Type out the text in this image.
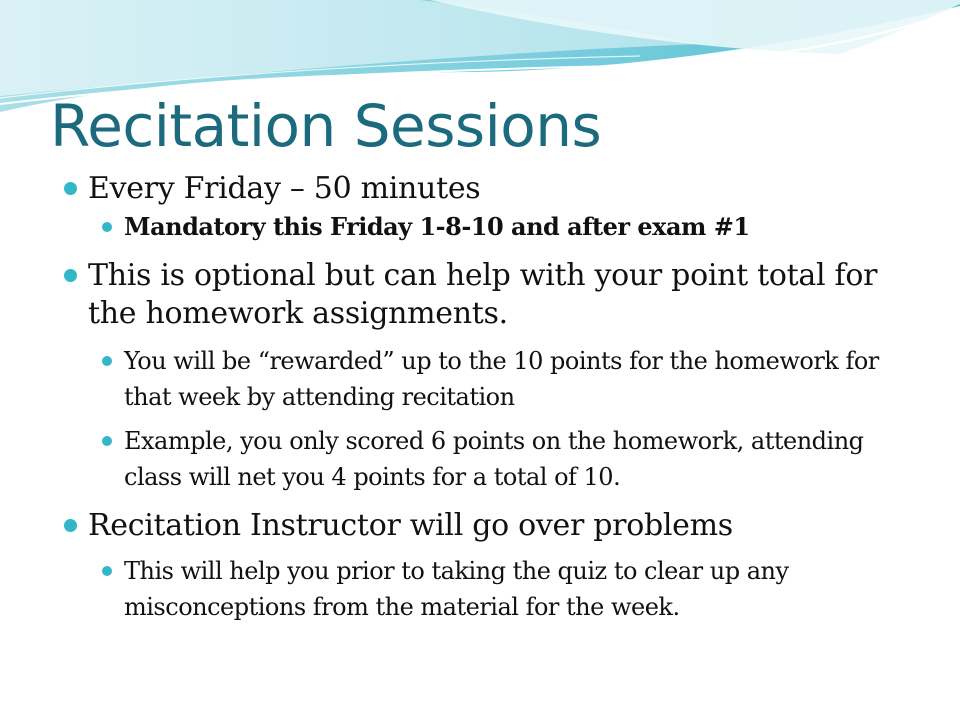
Recitation Sessions

Every Friday – 50 minutes

Mandatory this Friday 1-8-10 and after exam #1

This is optional but can help with your point total for the homework assignments.

You will be “rewarded” up to the 10 points for the homework for that week by attending recitation

Example, you only scored 6 points on the homework, attending class will net you 4 points for a total of 10.

Recitation Instructor will go over problems

This will help you prior to taking the quiz to clear up any misconceptions from the material for the week.
